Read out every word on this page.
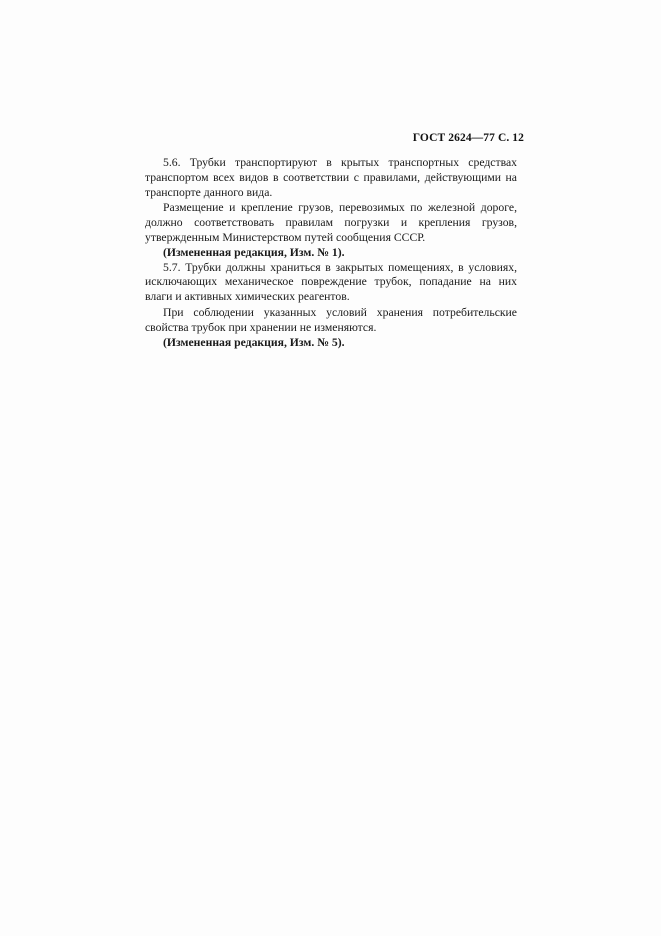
ГОСТ 2624—77 С. 12

5.6. Трубки транспортируют в крытых транспортных средствах транспортом всех видов в соответствии с правилами, действующими на транспорте данного вида.

Размещение и крепление грузов, перевозимых по железной дороге, должно соответствовать правилам погрузки и крепления грузов, утвержденным Министерством путей сообщения СССР.

(Измененная редакция, Изм. № 1).

5.7. Трубки должны храниться в закрытых помещениях, в условиях, исключающих механическое повреждение трубок, попадание на них влаги и активных химических реагентов.

При соблюдении указанных условий хранения потребительские свойства трубок при хранении не изменяются.

(Измененная редакция, Изм. № 5).
